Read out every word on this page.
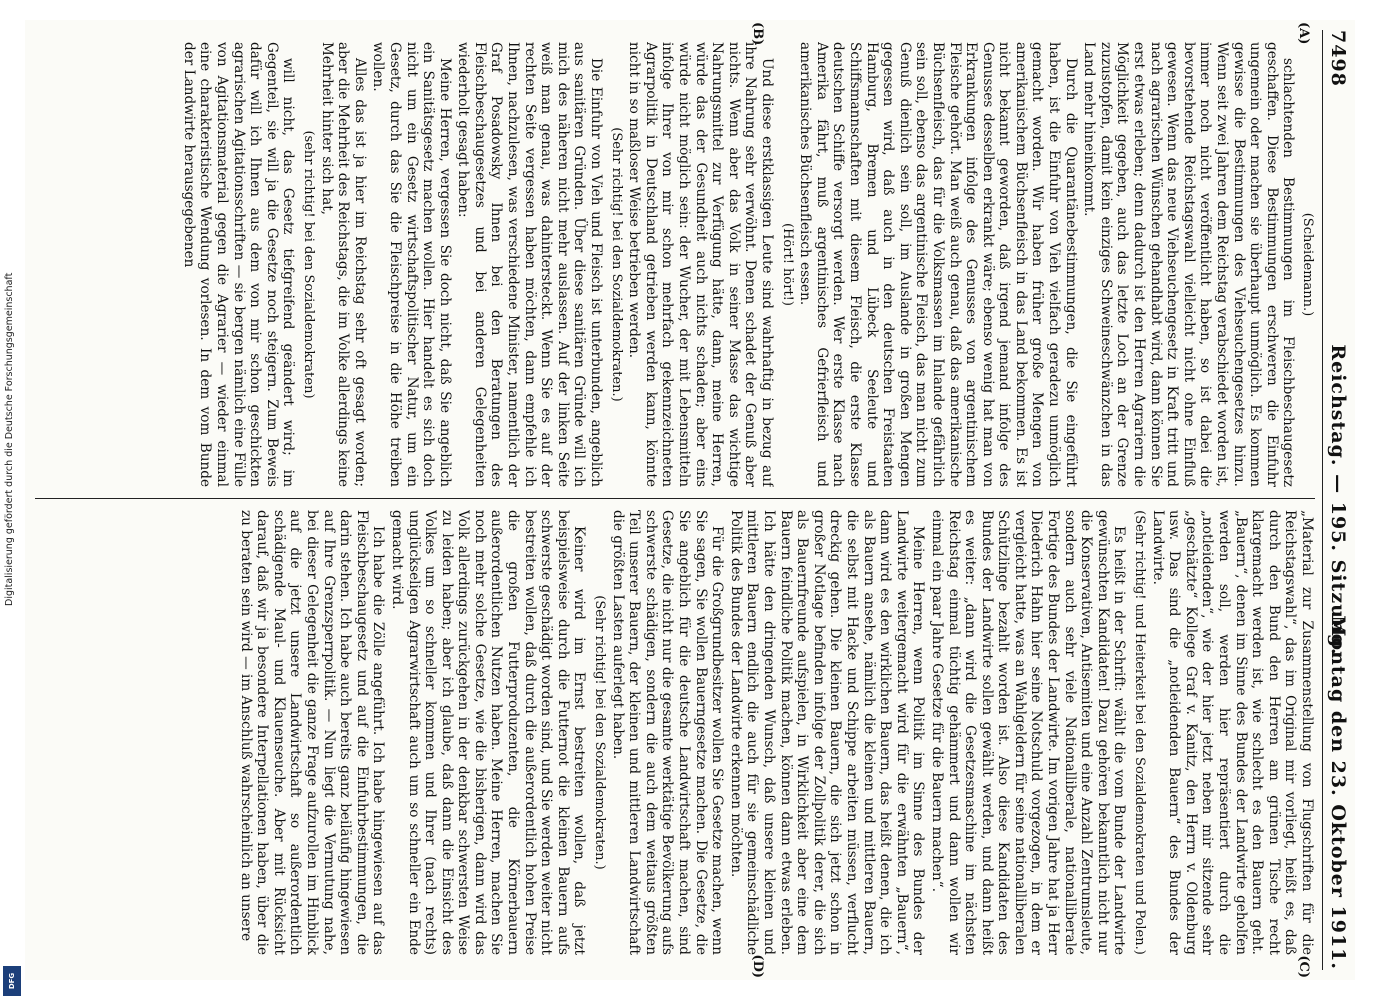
7498
Reichstag. — 195. Sitzung.
Montag den 23. Oktober 1911.
(A)
(B)
(C)
(D)
(Scheidemann.)

schlachtenden Bestimmungen im Fleischbeschaugesetz geschaffen. Diese Bestimmungen erschweren die Einfuhr ungemein oder machen sie überhaupt unmöglich. Es kommen gewisse die Bestimmungen des Viehseuchengesetzes hinzu. Wenn seit zwei Jahren dem Reichstag verabschiedet worden ist, immer noch nicht veröffentlicht haben, so ist dabei die bevorstehende Reichstagswahl vielleicht nicht ohne Einfluß gewesen. Wenn das neue Viehseuchengesetz in Kraft tritt und nach agrarischen Wünschen gehandhabt wird, dann können Sie erst etwas erleben; denn dadurch ist den Herren Agrariern die Möglichkeit gegeben, auch das letzte Loch an der Grenze zuzustopfen, damit kein einziges Schweineschwänzchen in das Land mehr hineinkommt.

Durch die Quarantänebestimmungen, die Sie eingeführt haben, ist die Einfuhr von Vieh vielfach geradezu unmöglich gemacht worden. Wir haben früher große Mengen von amerikanischem Büchsenfleisch in das Land bekommen. Es ist nicht bekannt geworden, daß irgend jemand infolge des Genusses desselben erkrankt wäre; ebenso wenig hat man von Erkrankungen infolge des Genusses von argentinischem Fleische gehört. Man weiß auch genau, daß das amerikanische Büchsenfleisch, das für die Volksmassen im Inlande gefährlich sein soll, ebenso das argentinische Fleisch, das man nicht zum Genuß dienlich sein soll, im Auslande in großen Mengen gegessen wird, daß auch in den deutschen Freistaaten Hamburg, Bremen und Lübeck Seeleute und Schiffsmannschaften mit diesem Fleisch, die erste Klasse deutschen Schiffe versorgt werden. Wer erste Klasse nach Amerika fährt, muß argentinisches Gefrierfleisch und amerikanisches Büchsenfleisch essen.

(Hört! hört!)

Und diese erstklassigen Leute sind wahrhaftig in bezug auf ihre Nahrung sehr verwöhnt. Denen schadet der Genuß aber nichts. Wenn aber das Volk in seiner Masse das wichtige Nahrungsmittel zur Verfügung hätte, dann, meine Herren, würde das der Gesundheit auch nichts schaden; aber eins würde nicht möglich sein: der Wucher, der mit Lebensmitteln infolge Ihrer von mir schon mehrfach gekennzeichneten Agrarpolitik in Deutschland getrieben werden kann, könnte nicht in so maßloser Weise betrieben werden.

(Sehr richtig! bei den Sozialdemokraten.)

Die Einfuhr von Vieh und Fleisch ist unterbunden, angeblich aus sanitären Gründen. Über diese sanitären Gründe will ich mich des näheren nicht mehr auslassen. Auf der linken Seite weiß man genau, was dahintersteckt. Wenn Sie es auf der rechten Seite vergessen haben möchten, dann empfehle ich Ihnen, nachzulesen, was verschiedene Minister, namentlich der Graf Posadowsky Ihnen bei den Beratungen des Fleischbeschaugesetzes und bei anderen Gelegenheiten wiederholt gesagt haben:

Meine Herren, vergessen Sie doch nicht, daß Sie angeblich ein Sanitätsgesetz machen wollen. Hier handelt es sich doch nicht um ein Gesetz wirtschaftspolitischer Natur, um ein Gesetz, durch das Sie die Fleischpreise in die Höhe treiben wollen.

Alles das ist ja hier im Reichstag sehr oft gesagt worden; aber die Mehrheit des Reichstags, die im Volke allerdings keine Mehrheit hinter sich hat,

(sehr richtig! bei den Sozialdemokraten)

will nicht, das Gesetz tiefgreifend geändert wird; im Gegenteil, sie will ja die Gesetze noch steigern. Zum Beweis dafür will ich Ihnen aus dem von mir schon geschickten agrarischen Agitationsschriften — sie bergen nämlich eine Fülle von Agitationsmaterial gegen die Agrarier — wieder einmal eine charakteristische Wendung vorlesen. In dem vom Bunde der Landwirte herausgegebenen

„Material zur Zusammenstellung von Flugschriften für die Reichstagswahl“, das im Original mir vorliegt, heißt es, daß durch den Bund den Herren am grünen Tische recht klargemacht werden ist, wie schlecht es den Bauern geht. „Bauern“, denen im Sinne des Bundes der Landwirte geholfen werden soll, werden hier repräsentiert durch die „notleidenden“, wie der hier jetzt neben mir sitzende sehr „geschätzte“ Kollege Graf v. Kanitz, den Herrn v. Oldenburg usw. Das sind die „notleidenden Bauern“ des Bundes der Landwirte.

(Sehr richtig! und Heiterkeit bei den Sozialdemokraten und Polen.)

Es heißt in der Schrift: wählt die vom Bunde der Landwirte gewünschten Kandidaten! Dazu gehören bekanntlich nicht nur die Konservativen, Antisemiten und eine Anzahl Zentrumsleute, sondern auch sehr viele Nationalliberale, nationalliberale Fortige des Bundes der Landwirte. Im vorigen Jahre hat ja Herr Diederich Hahn hier seine Notschuld vorgezogen, in dem er vergleicht hatte, was an Wahlgeldern für seine nationalliberalen Schützlinge bezahlt worden ist. Also diese Kandidaten des Bundes der Landwirte sollen gewählt werden, und dann heißt es weiter: „dann wird die Gesetzesmaschine im nächsten Reichstag einmal tüchtig gehämmert und dann wollen wir einmal ein paar Jahre Gesetze für die Bauern machen“.

Meine Herren, wenn Politik im Sinne des Bundes der Landwirte weitergemacht wird für die erwähnten „Bauern“, dann wird es den wirklichen Bauern, das heißt denen, die ich als Bauern ansehe, nämlich die kleinen und mittleren Bauern, die selbst mit Hacke und Schippe arbeiten müssen, verflucht dreckig gehen. Die kleinen Bauern, die sich jetzt schon in großer Notlage befinden infolge der Zollpolitik derer, die sich als Bauernfreunde aufspielen, in Wirklichkeit aber eine dem Bauern feindliche Politik machen, können dann etwas erleben. Ich hätte den dringenden Wunsch, daß unsere kleinen und mittleren Bauern endlich die auch für sie gemeinschädliche Politik des Bundes der Landwirte erkennen möchten.

Für die Großgrundbesitzer wollen Sie Gesetze machen, wenn Sie sagen, Sie wollen Bauerngesetze machen. Die Gesetze, die Sie angeblich für die deutsche Landwirtschaft machen, sind Gesetze, die nicht nur die gesamte werktätige Bevölkerung aufs schwerste schädigen, sondern die auch dem weitaus größten Teil unserer Bauern, der kleinen und mittleren Landwirtschaft die größten Lasten auferlegt haben.

(Sehr richtig! bei den Sozialdemokraten.)

Keiner wird im Ernst bestreiten wollen, daß jetzt beispielsweise durch die Futternot die kleinen Bauern aufs schwerste geschädigt worden sind, und Sie werden weiter nicht bestreiten wollen, daß durch die außerordentlich hohen Preise die großen Futterproduzenten, die Körnerbauern außerordentlichen Nutzen haben. Meine Herren, machen Sie noch mehr solche Gesetze, wie die bisherigen, dann wird das Volk allerdings zurückgehen in der denkbar schwersten Weise zu leiden haben; aber ich glaube, daß dann die Einsicht des Volkes um so schneller kommen und Ihrer (nach rechts) unglückseligen Agrarwirtschaft auch um so schneller ein Ende gemacht wird.

Ich habe die Zölle angeführt. Ich habe hingewiesen auf das Fleischbeschaugesetz und auf die Einfuhrbestimmungen, die darin stehen. Ich habe auch bereits ganz beiläufig hingewiesen auf Ihre Grenzsperrpolitik. — Nun liegt die Vermutung nahe, bei dieser Gelegenheit die ganze Frage aufzurollen im Hinblick auf die jetzt unsere Landwirtschaft so außerordentlich schädigende Maul- und Klauenseuche. Aber mit Rücksicht darauf, daß wir ja besondere Interpellationen haben, über die zu beraten sein wird — im Anschluß wahrscheinlich an unsere

Digitalisierung gefördert durch die Deutsche Forschungsgemeinschaft
DFG
